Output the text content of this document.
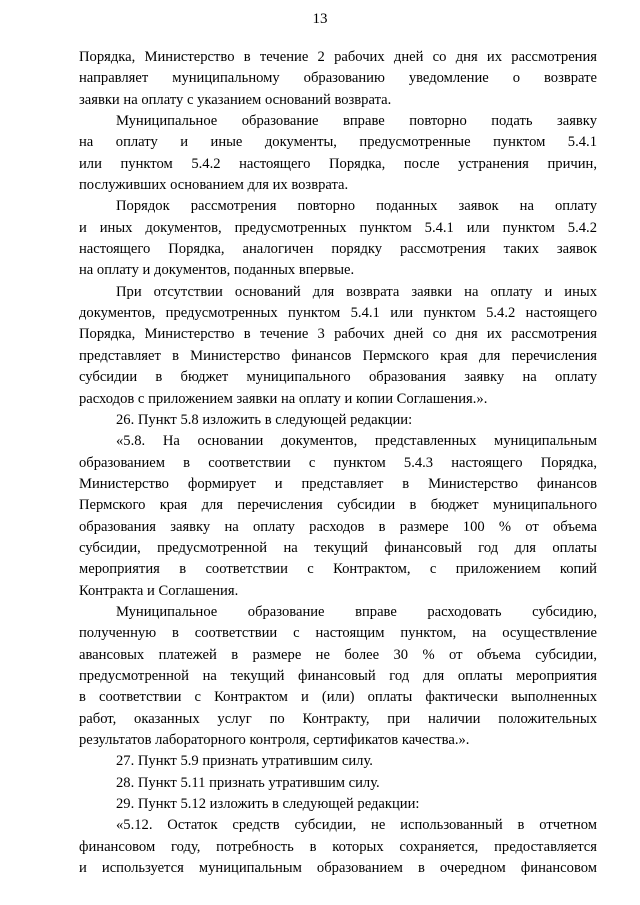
13
Порядка, Министерство в течение 2 рабочих дней со дня их рассмотрения
направляет муниципальному образованию уведомление о возврате
заявки на оплату с указанием оснований возврата.
Муниципальное образование вправе повторно подать заявку
на оплату и иные документы, предусмотренные пунктом 5.4.1
или пунктом 5.4.2 настоящего Порядка, после устранения причин,
послуживших основанием для их возврата.
Порядок рассмотрения повторно поданных заявок на оплату
и иных документов, предусмотренных пунктом 5.4.1 или пунктом 5.4.2
настоящего Порядка, аналогичен порядку рассмотрения таких заявок
на оплату и документов, поданных впервые.
При отсутствии оснований для возврата заявки на оплату и иных
документов, предусмотренных пунктом 5.4.1 или пунктом 5.4.2 настоящего
Порядка, Министерство в течение 3 рабочих дней со дня их рассмотрения
представляет в Министерство финансов Пермского края для перечисления
субсидии в бюджет муниципального образования заявку на оплату
расходов с приложением заявки на оплату и копии Соглашения.».
26. Пункт 5.8 изложить в следующей редакции:
«5.8. На основании документов, представленных муниципальным
образованием в соответствии с пунктом 5.4.3 настоящего Порядка,
Министерство формирует и представляет в Министерство финансов
Пермского края для перечисления субсидии в бюджет муниципального
образования заявку на оплату расходов в размере 100 % от объема
субсидии, предусмотренной на текущий финансовый год для оплаты
мероприятия в соответствии с Контрактом, с приложением копий
Контракта и Соглашения.
Муниципальное образование вправе расходовать субсидию,
полученную в соответствии с настоящим пунктом, на осуществление
авансовых платежей в размере не более 30 % от объема субсидии,
предусмотренной на текущий финансовый год для оплаты мероприятия
в соответствии с Контрактом и (или) оплаты фактически выполненных
работ, оказанных услуг по Контракту, при наличии положительных
результатов лабораторного контроля, сертификатов качества.».
27. Пункт 5.9 признать утратившим силу.
28. Пункт 5.11 признать утратившим силу.
29. Пункт 5.12 изложить в следующей редакции:
«5.12. Остаток средств субсидии, не использованный в отчетном
финансовом году, потребность в которых сохраняется, предоставляется
и используется муниципальным образованием в очередном финансовом
